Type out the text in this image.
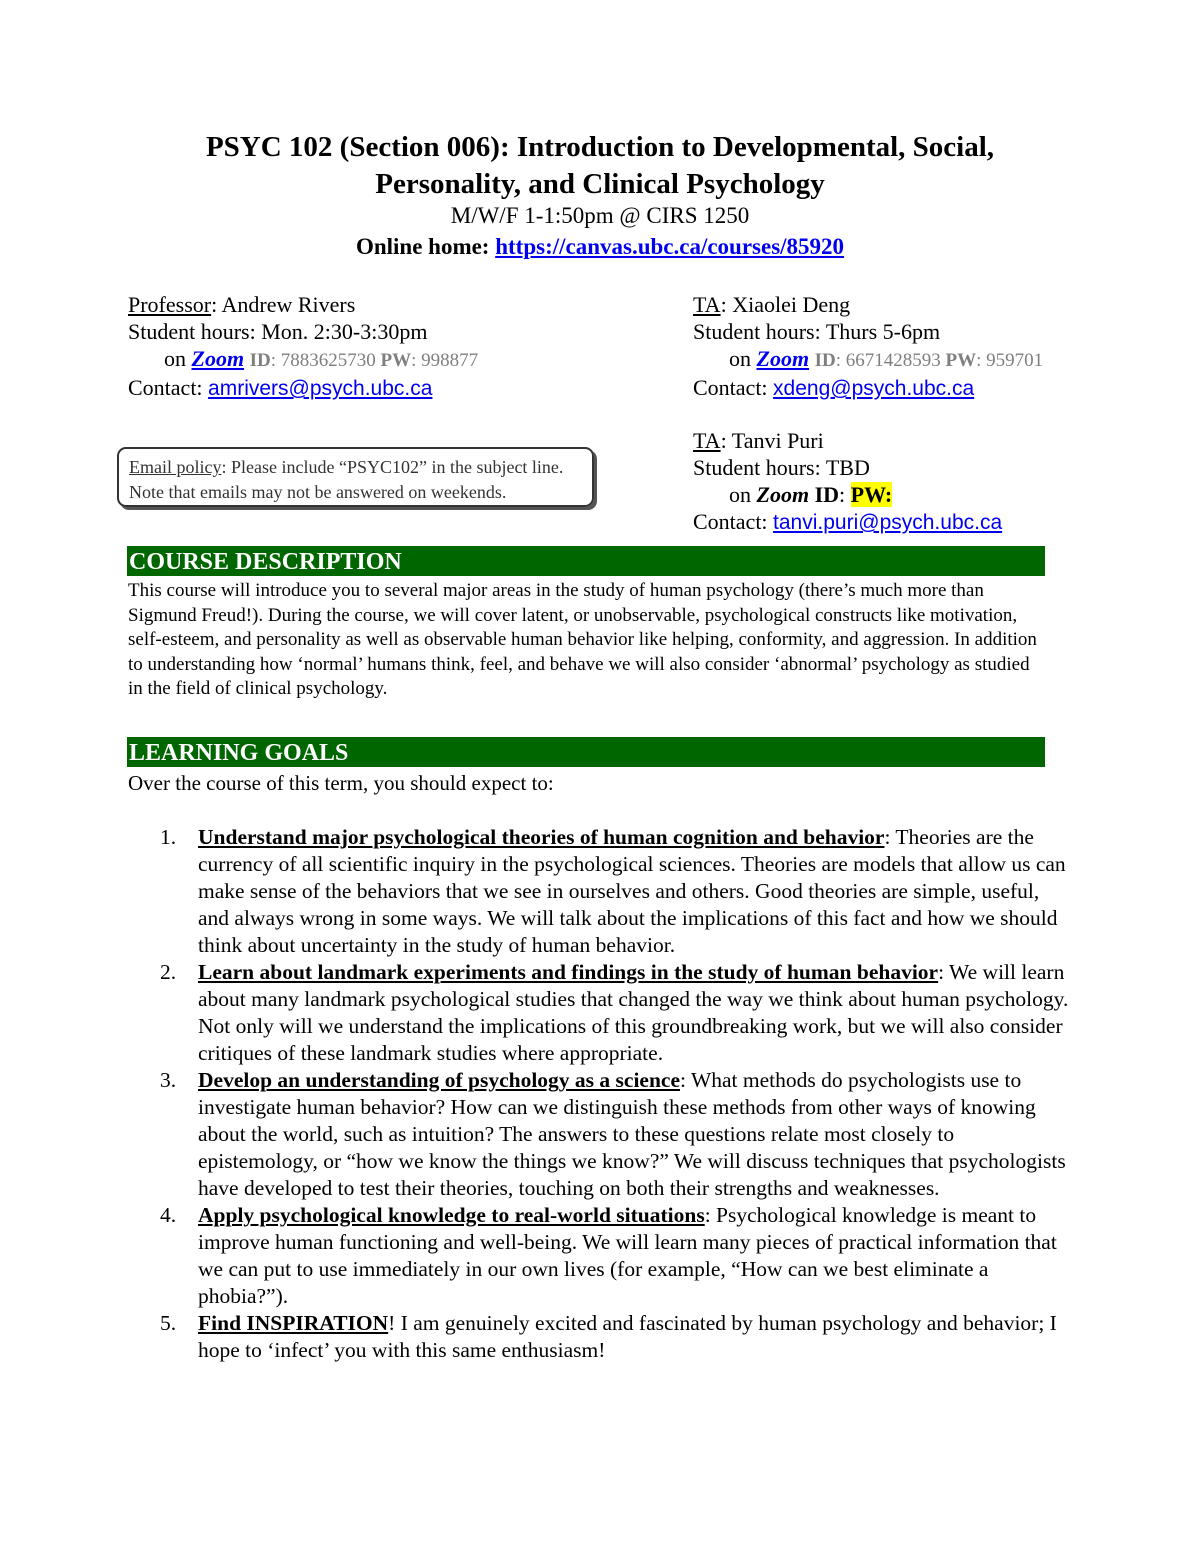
PSYC 102 (Section 006): Introduction to Developmental, Social,
Personality, and Clinical Psychology
M/W/F 1-1:50pm @ CIRS 1250
Online home: https://canvas.ubc.ca/courses/85920
Professor: Andrew Rivers
Student hours: Mon. 2:30-3:30pm
on Zoom ID: 7883625730 PW: 998877
Contact: amrivers@psych.ubc.ca
TA: Xiaolei Deng
Student hours: Thurs 5-6pm
on Zoom ID: 6671428593 PW: 959701
Contact: xdeng@psych.ubc.ca
TA: Tanvi Puri
Student hours: TBD
on Zoom ID: PW:
Contact: tanvi.puri@psych.ubc.ca
Email policy: Please include “PSYC102” in the subject line. Note that emails may not be answered on weekends.
COURSE DESCRIPTION
This course will introduce you to several major areas in the study of human psychology (there’s much more than Sigmund Freud!). During the course, we will cover latent, or unobservable, psychological constructs like motivation, self-esteem, and personality as well as observable human behavior like helping, conformity, and aggression. In addition to understanding how ‘normal’ humans think, feel, and behave we will also consider ‘abnormal’ psychology as studied in the field of clinical psychology.
LEARNING GOALS
Over the course of this term, you should expect to:
1.	Understand major psychological theories of human cognition and behavior: Theories are the currency of all scientific inquiry in the psychological sciences. Theories are models that allow us can make sense of the behaviors that we see in ourselves and others. Good theories are simple, useful, and always wrong in some ways. We will talk about the implications of this fact and how we should think about uncertainty in the study of human behavior.
2.	Learn about landmark experiments and findings in the study of human behavior: We will learn about many landmark psychological studies that changed the way we think about human psychology. Not only will we understand the implications of this groundbreaking work, but we will also consider critiques of these landmark studies where appropriate.
3.	Develop an understanding of psychology as a science: What methods do psychologists use to investigate human behavior? How can we distinguish these methods from other ways of knowing about the world, such as intuition? The answers to these questions relate most closely to epistemology, or “how we know the things we know?” We will discuss techniques that psychologists have developed to test their theories, touching on both their strengths and weaknesses.
4.	Apply psychological knowledge to real-world situations: Psychological knowledge is meant to improve human functioning and well-being. We will learn many pieces of practical information that we can put to use immediately in our own lives (for example, “How can we best eliminate a phobia?”).
5.	Find INSPIRATION! I am genuinely excited and fascinated by human psychology and behavior; I hope to ‘infect’ you with this same enthusiasm!
